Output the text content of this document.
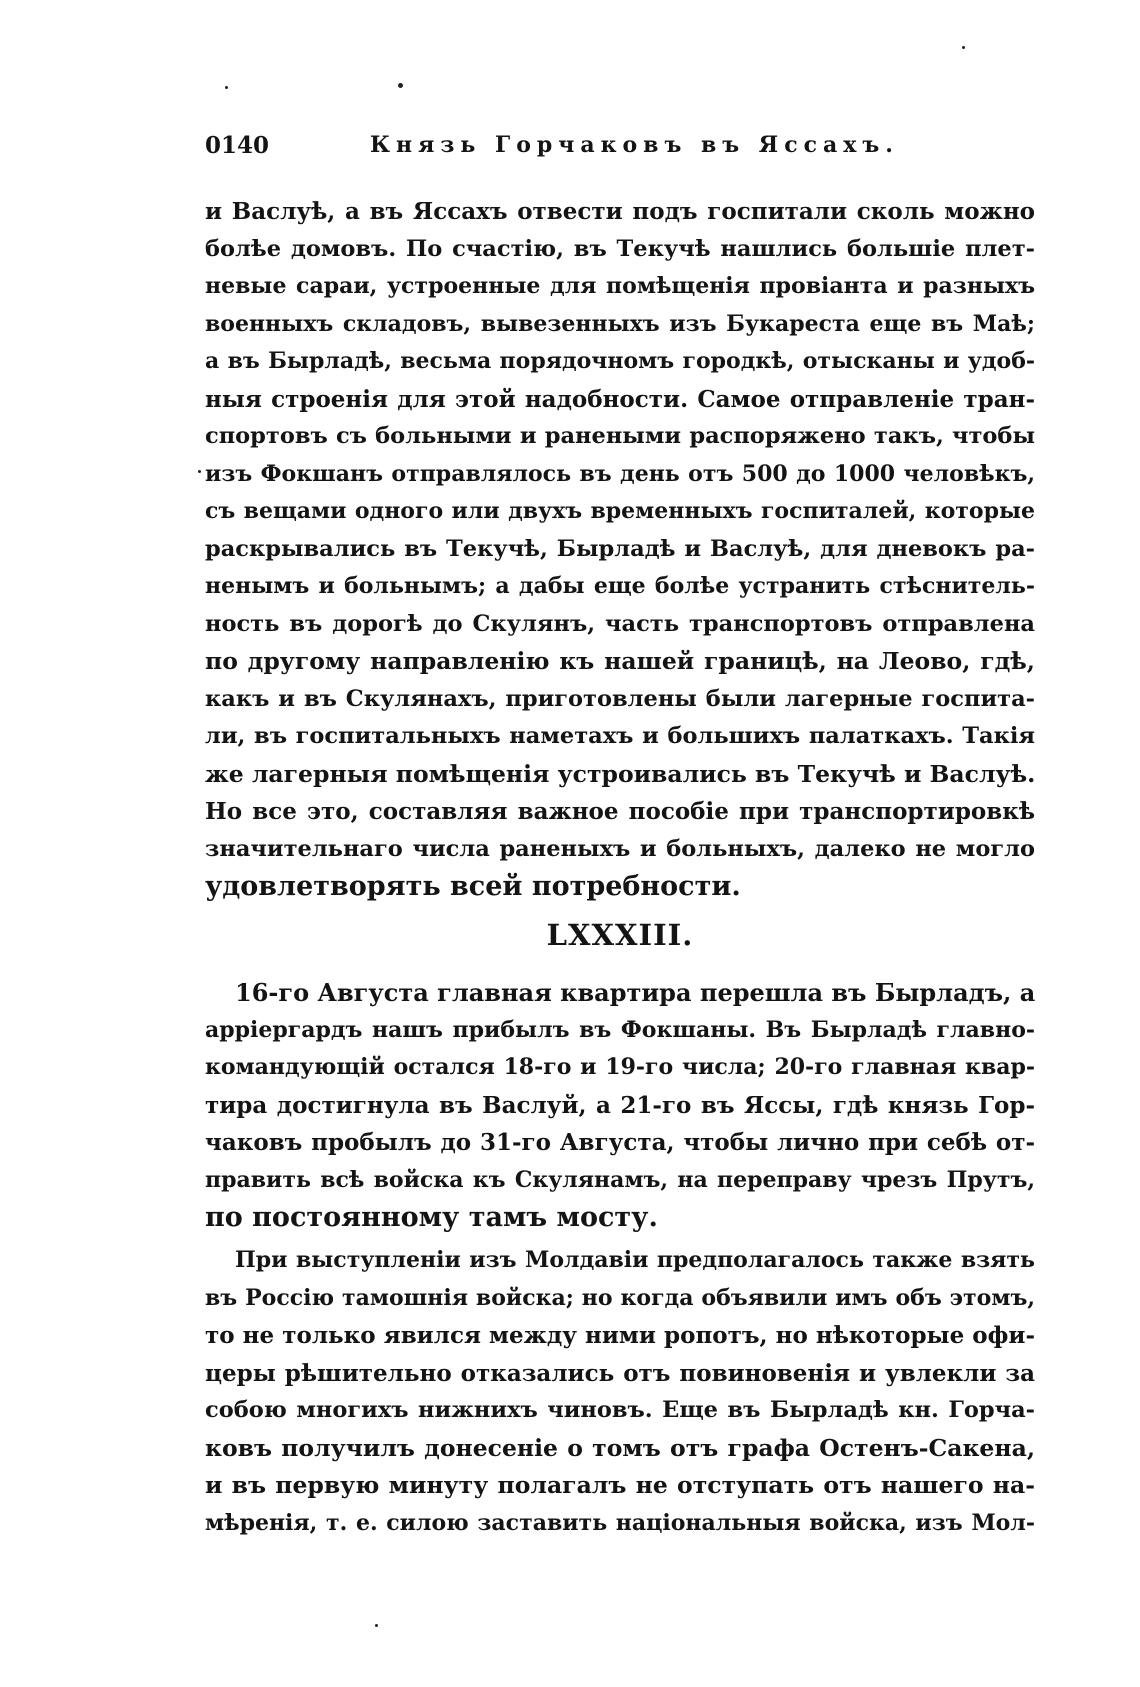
0140	Князь Горчаковъ въ Яссахъ.
и Васлуѣ, а въ Яссахъ отвести подъ госпитали сколь можно
болѣе домовъ. По счастію, въ Текучѣ нашлись большіе плет-
невые сараи, устроенные для помѣщенія провіанта и разныхъ
военныхъ складовъ, вывезенныхъ изъ Букареста еще въ Маѣ;
а въ Бырладѣ, весьма порядочномъ городкѣ, отысканы и удоб-
ныя строенія для этой надобности. Самое отправленіе тран-
спортовъ съ больными и ранеными распоряжено такъ, чтобы
изъ Фокшанъ отправлялось въ день отъ 500 до 1000 человѣкъ,
съ вещами одного или двухъ временныхъ госпиталей, которые
раскрывались въ Текучѣ, Бырладѣ и Васлуѣ, для дневокъ ра-
ненымъ и больнымъ; а дабы еще болѣе устранить стѣснитель-
ность въ дорогѣ до Скулянъ, часть транспортовъ отправлена
по другому направленію къ нашей границѣ, на Леово, гдѣ,
какъ и въ Скулянахъ, приготовлены были лагерные госпита-
ли, въ госпитальныхъ наметахъ и большихъ палаткахъ. Такія
же лагерныя помѣщенія устроивались въ Текучѣ и Васлуѣ.
Но все это, составляя важное пособіе при транспортировкѣ
значительнаго числа раненыхъ и больныхъ, далеко не могло
удовлетворять всей потребности.
LXXXIII.
16-го Августа главная квартира перешла въ Бырладъ, а
арріергардъ нашъ прибылъ въ Фокшаны. Въ Бырладѣ главно-
командующій остался 18-го и 19-го числа; 20-го главная квар-
тира достигнула въ Васлуй, а 21-го въ Яссы, гдѣ князь Гор-
чаковъ пробылъ до 31-го Августа, чтобы лично при себѣ от-
править всѣ войска къ Скулянамъ, на переправу чрезъ Прутъ,
по постоянному тамъ мосту.
При выступленіи изъ Молдавіи предполагалось также взять
въ Россію тамошнія войска; но когда объявили имъ объ этомъ,
то не только явился между ними ропотъ, но нѣкоторые офи-
церы рѣшительно отказались отъ повиновенія и увлекли за
собою многихъ нижнихъ чиновъ. Еще въ Бырладѣ кн. Горча-
ковъ получилъ донесеніе о томъ отъ графа Остенъ-Сакена,
и въ первую минуту полагалъ не отступать отъ нашего на-
мѣренія, т. е. силою заставить національныя войска, изъ Мол-
